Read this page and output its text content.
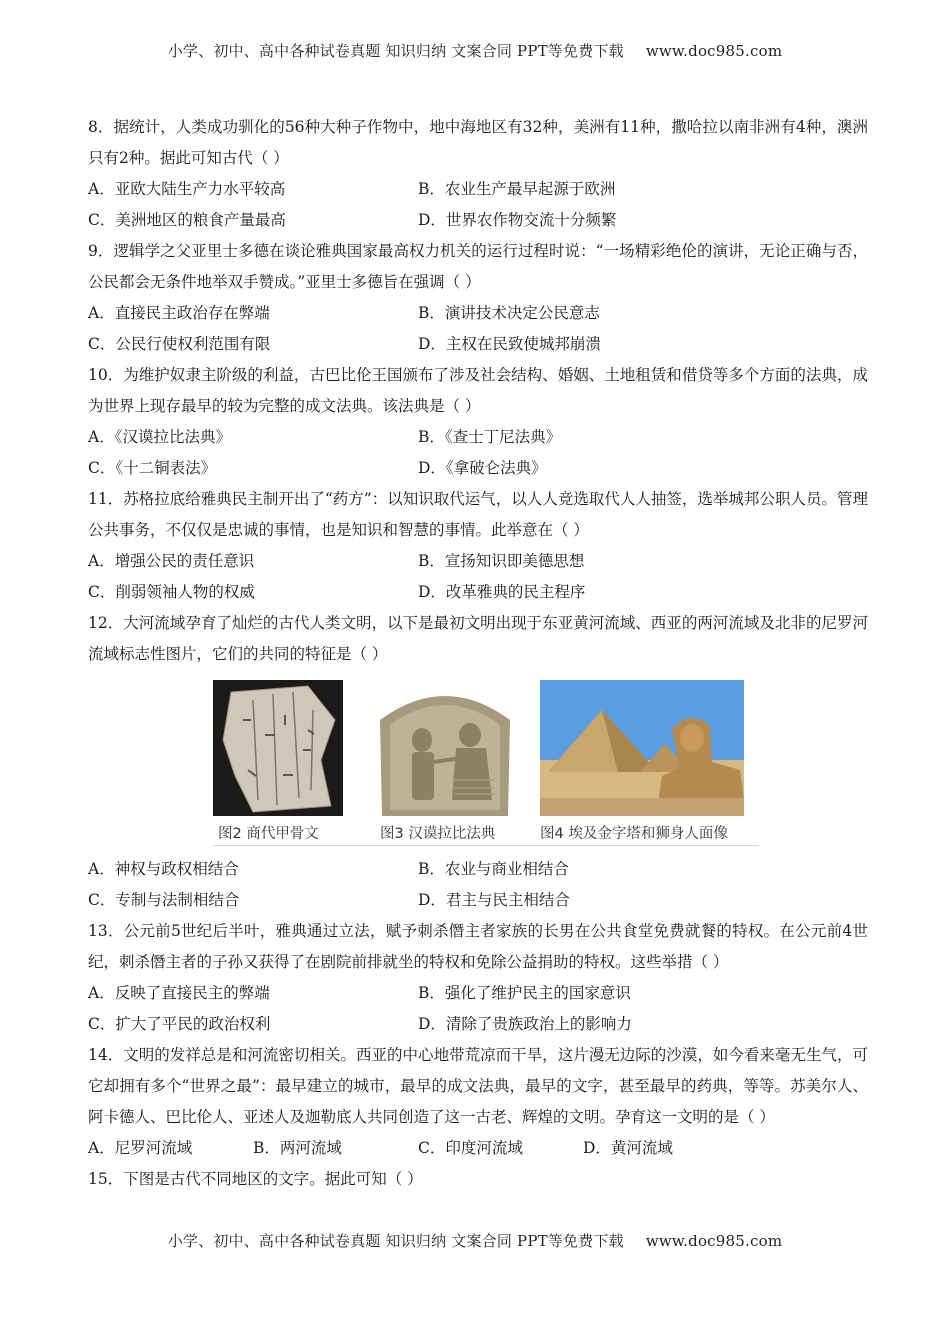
小学、初中、高中各种试卷真题 知识归纳 文案合同 PPT等免费下载 www.doc985.com

8．据统计，人类成功驯化的56种大种子作物中，地中海地区有32种，美洲有11种，撒哈拉以南非洲有4种，澳洲只有2种。据此可知古代（ ）

A．亚欧大陆生产力水平较高	B．农业生产最早起源于欧洲
C．美洲地区的粮食产量最高	D．世界农作物交流十分频繁

9．逻辑学之父亚里士多德在谈论雅典国家最高权力机关的运行过程时说：“一场精彩绝伦的演讲，无论正确与否，公民都会无条件地举双手赞成。”亚里士多德旨在强调（ ）

A．直接民主政治存在弊端	B．演讲技术决定公民意志
C．公民行使权利范围有限	D．主权在民致使城邦崩溃

10．为维护奴隶主阶级的利益，古巴比伦王国颁布了涉及社会结构、婚姻、土地租赁和借贷等多个方面的法典，成为世界上现存最早的较为完整的成文法典。该法典是（ ）

A．《汉谟拉比法典》	B．《查士丁尼法典》
C．《十二铜表法》	D．《拿破仑法典》

11．苏格拉底给雅典民主制开出了“药方”：以知识取代运气，以人人竞选取代人人抽签，选举城邦公职人员。管理公共事务，不仅仅是忠诚的事情，也是知识和智慧的事情。此举意在（ ）

A．增强公民的责任意识	B．宣扬知识即美德思想
C．削弱领袖人物的权威	D．改革雅典的民主程序

12．大河流域孕育了灿烂的古代人类文明，以下是最初文明出现于东亚黄河流域、西亚的两河流域及北非的尼罗河流域标志性图片，它们的共同的特征是（ ）

图2 商代甲骨文	图3 汉谟拉比法典	图4 埃及金字塔和狮身人面像
A．神权与政权相结合	B．农业与商业相结合
C．专制与法制相结合	D．君主与民主相结合

13．公元前5世纪后半叶，雅典通过立法，赋予刺杀僭主者家族的长男在公共食堂免费就餐的特权。在公元前4世纪，刺杀僭主者的子孙又获得了在剧院前排就坐的特权和免除公益捐助的特权。这些举措（ ）

A．反映了直接民主的弊端	B．强化了维护民主的国家意识
C．扩大了平民的政治权利	D．清除了贵族政治上的影响力

14．文明的发祥总是和河流密切相关。西亚的中心地带荒凉而干旱，这片漫无边际的沙漠，如今看来毫无生气，可它却拥有多个“世界之最”：最早建立的城市，最早的成文法典，最早的文字，甚至最早的药典，等等。苏美尔人、阿卡德人、巴比伦人、亚述人及迦勒底人共同创造了这一古老、辉煌的文明。孕育这一文明的是（ ）

A．尼罗河流域	B．两河流域	C．印度河流域	D．黄河流域

15．下图是古代不同地区的文字。据此可知（ ）

小学、初中、高中各种试卷真题 知识归纳 文案合同 PPT等免费下载 www.doc985.com
